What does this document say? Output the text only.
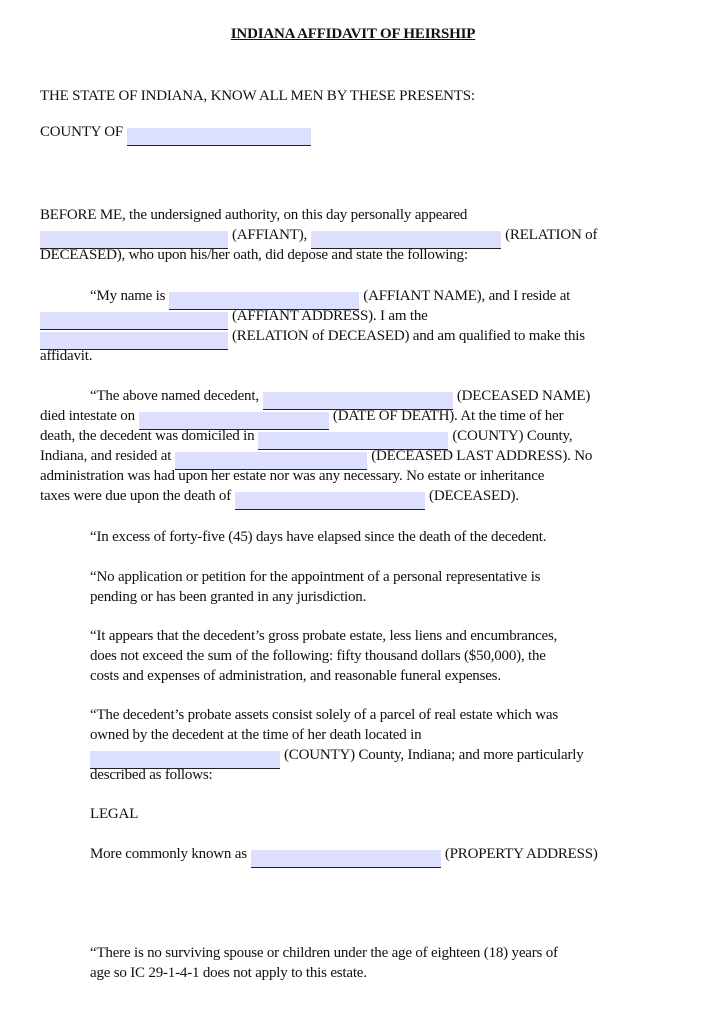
INDIANA AFFIDAVIT OF HEIRSHIP
THE STATE OF INDIANA, KNOW ALL MEN BY THESE PRESENTS:
COUNTY OF
BEFORE ME, the undersigned authority, on this day personally appeared
(AFFIANT),	(RELATION of
DECEASED), who upon his/her oath, did depose and state the following:
“My name is	(AFFIANT NAME), and I reside at
(AFFIANT ADDRESS). I am the
(RELATION of DECEASED) and am qualified to make this
affidavit.
“The above named decedent,	(DECEASED NAME)
died intestate on	(DATE OF DEATH). At the time of her
death, the decedent was domiciled in	(COUNTY) County,
Indiana, and resided at	(DECEASED LAST ADDRESS). No
administration was had upon her estate nor was any necessary. No estate or inheritance
taxes were due upon the death of	(DECEASED).
“In excess of forty-five (45) days have elapsed since the death of the decedent.
“No application or petition for the appointment of a personal representative is
pending or has been granted in any jurisdiction.
“It appears that the decedent’s gross probate estate, less liens and encumbrances,
does not exceed the sum of the following: fifty thousand dollars ($50,000), the
costs and expenses of administration, and reasonable funeral expenses.
“The decedent’s probate assets consist solely of a parcel of real estate which was
owned by the decedent at the time of her death located in
(COUNTY) County, Indiana; and more particularly
described as follows:
LEGAL
More commonly known as	(PROPERTY ADDRESS)
“There is no surviving spouse or children under the age of eighteen (18) years of
age so IC 29-1-4-1 does not apply to this estate.
